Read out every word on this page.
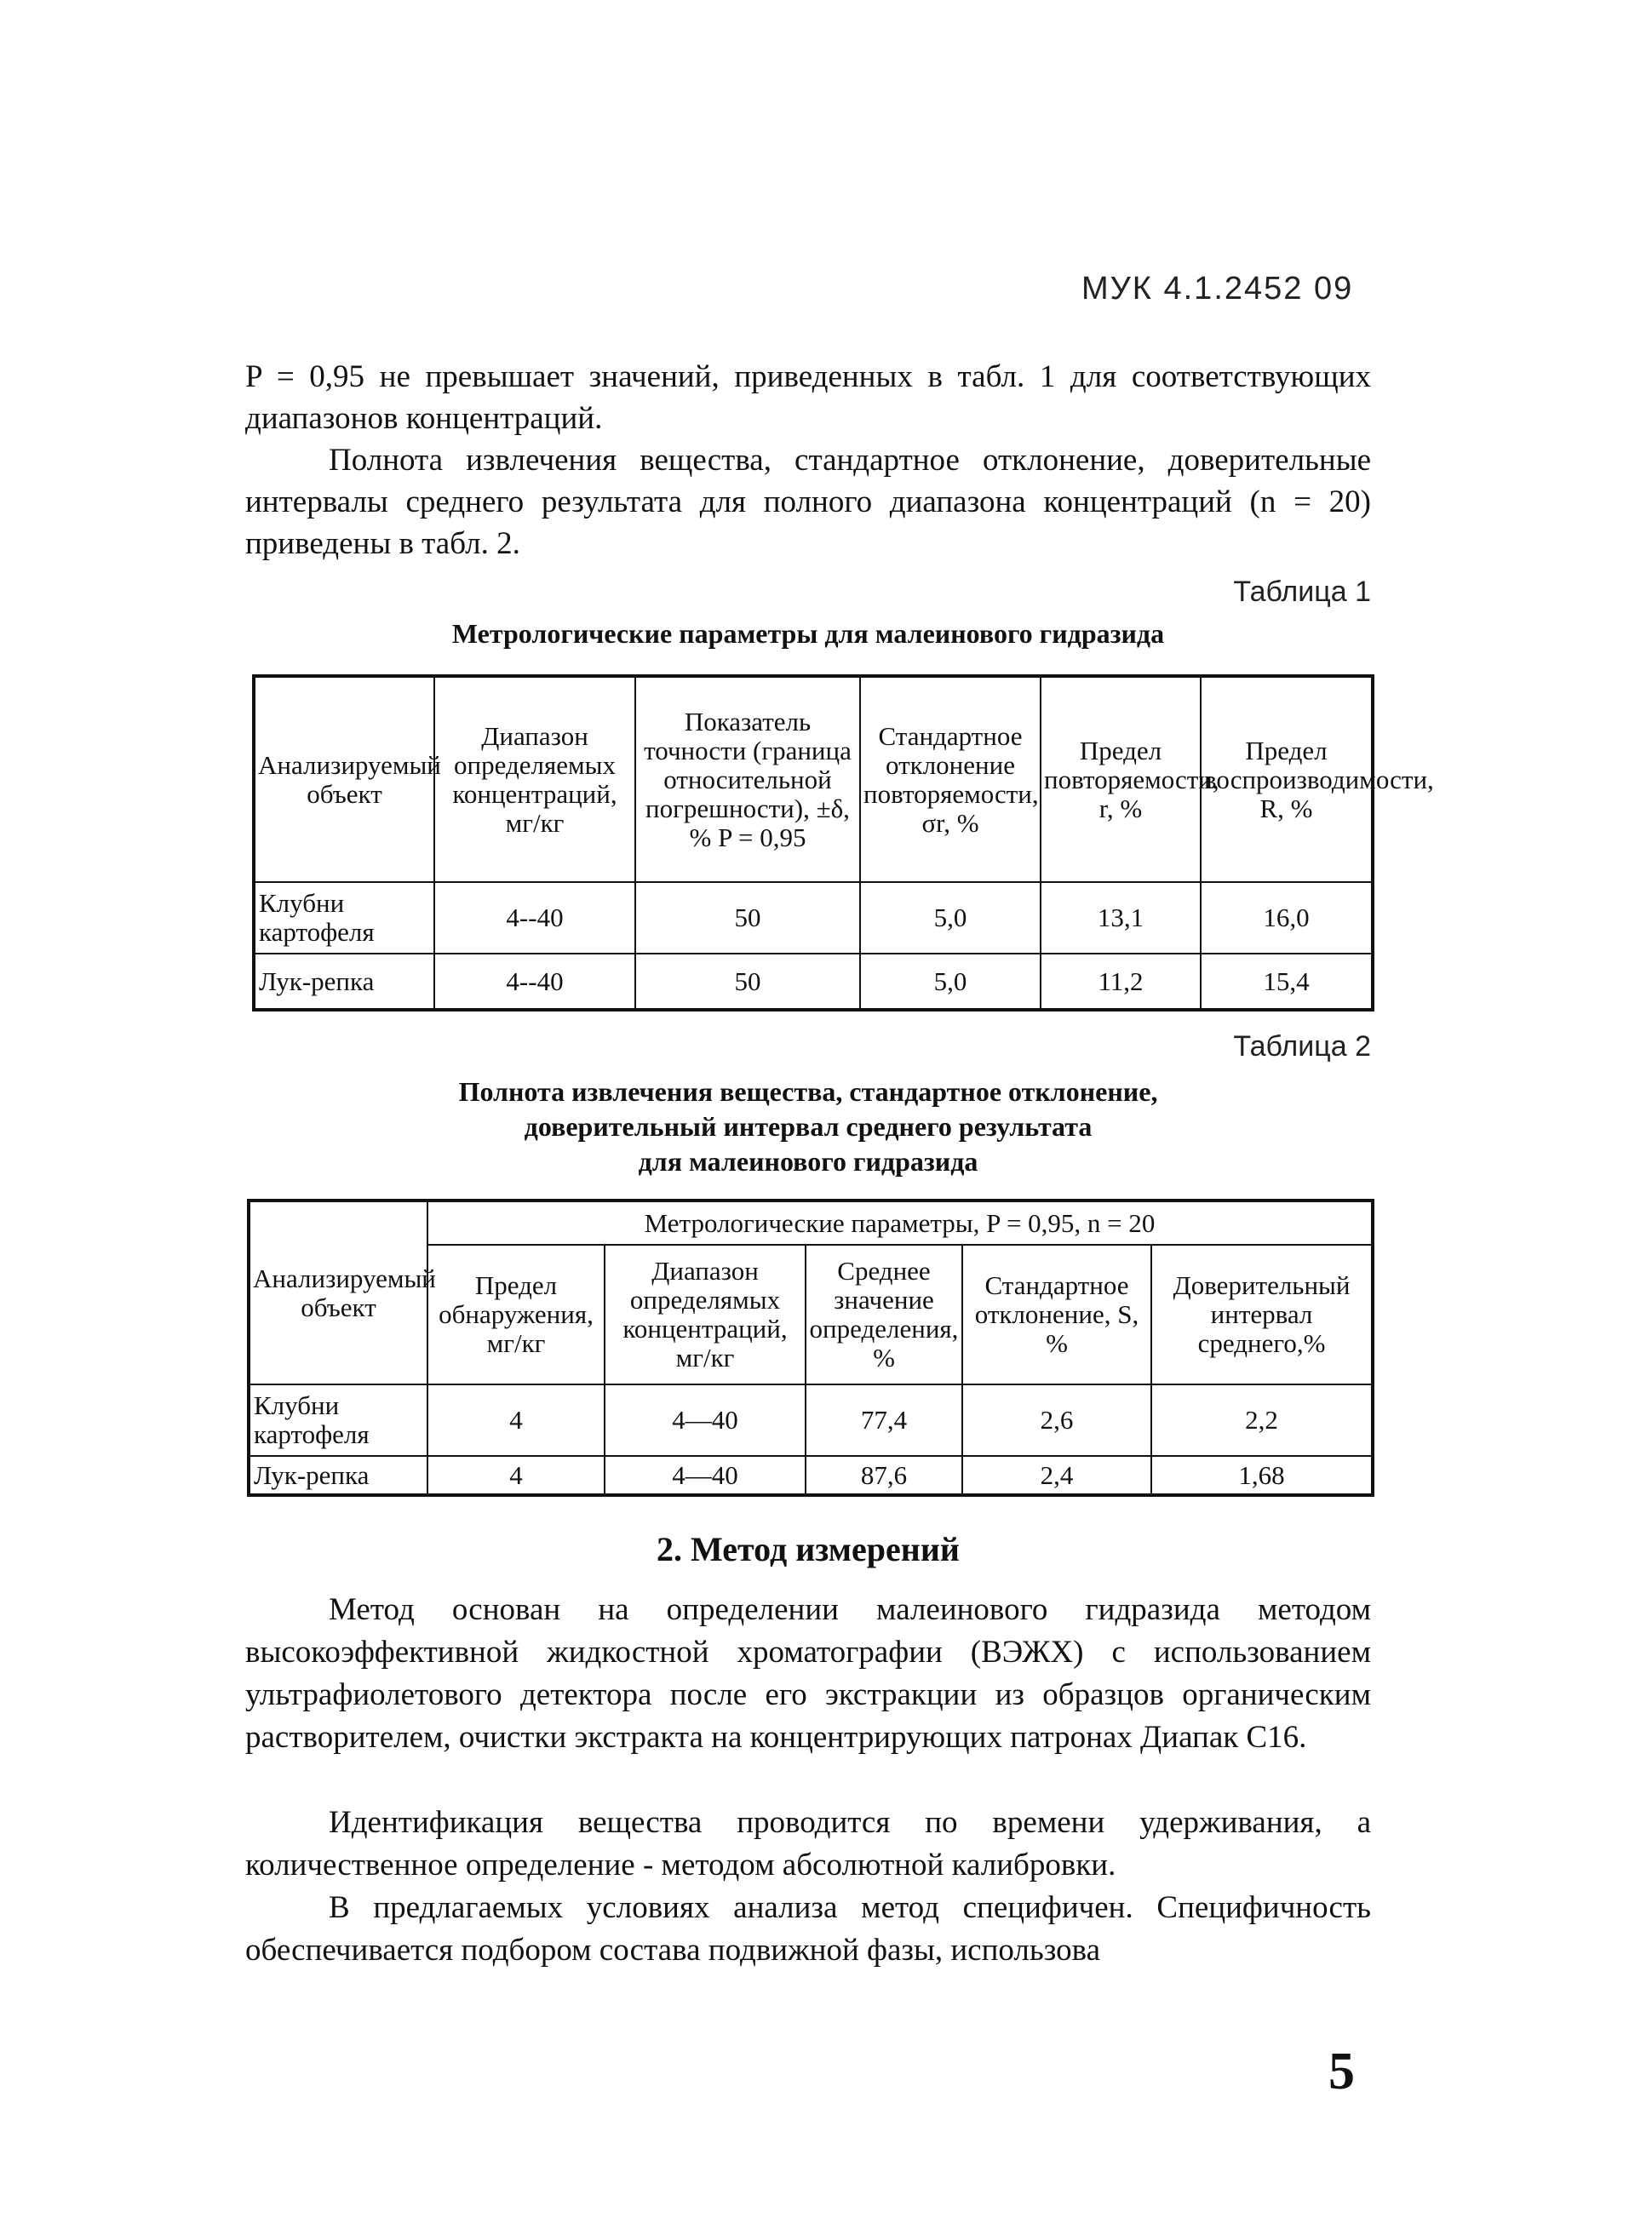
МУК 4.1.2452 09

P = 0,95 не превышает значений, приведенных в табл. 1 для соответствующих диапазонов концентраций.

Полнота извлечения вещества, стандартное отклонение, доверительные интервалы среднего результата для полного диапазона концентраций (n = 20) приведены в табл. 2.

Таблица 1

Метрологические параметры для малеинового гидразида

Анализируемый объект	Диапазон определяемых концентраций, мг/кг	Показатель точности (граница относительной погрешности), ±δ, % P = 0,95	Стандартное отклонение повторяемости, σr, %	Предел повторяемости, r, %	Предел воспроизводимости, R, %
Клубни картофеля	4--40	50	5,0	13,1	16,0
Лук-репка	4--40	50	5,0	11,2	15,4
Таблица 2

Полнота извлечения вещества, стандартное отклонение,

доверительный интервал среднего результата

для малеинового гидразида

Анализируемый объект	Метрологические параметры, P = 0,95, n = 20				
	Предел обнаружения, мг/кг	Диапазон определямых концентраций, мг/кг	Среднее значение определения, %	Стандартное отклонение, S, %	Доверительный интервал среднего,%
Клубни картофеля	4	4—40	77,4	2,6	2,2
Лук-репка	4	4—40	87,6	2,4	1,68

2. Метод измерений

Метод основан на определении малеинового гидразида методом высокоэффективной жидкостной хроматографии (ВЭЖХ) с использованием ультрафиолетового детектора после его экстракции из образцов органическим растворителем, очистки экстракта на концентрирующих патронах Диапак С16.

Идентификация вещества проводится по времени удерживания, а количественное определение - методом абсолютной калибровки.

В предлагаемых условиях анализа метод специфичен. Специфичность обеспечивается подбором состава подвижной фазы, использова

5
